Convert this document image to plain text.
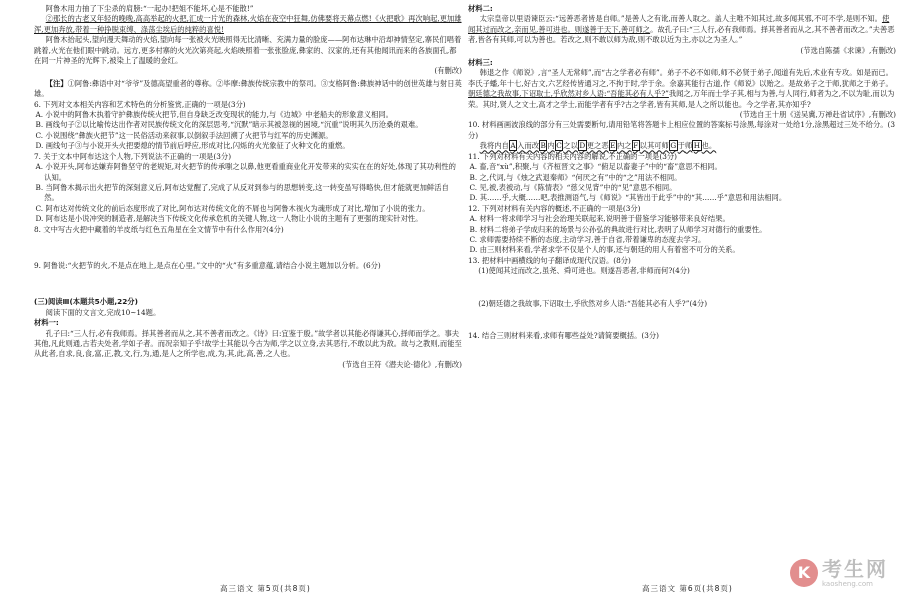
阿鲁木用力抽了下尘杀的肩膀:“一起办!把姐不能坏,心是不能散!”

②那长的古老又年轻的晚晚,高高举起的火把,汇成一片光的森林,火焰在夜空中狂舞,仿佛要将天幕点燃!《火把歌》再次响起,更加雄浑,更加奔放,带着一种挣脱束缚、涤荡尘埃后的纯粹的喜悦!

阿鲁木抬起头,望向漫天舞动的火焰,望向每一张被火光映照得无比清晰、充满力量的脸庞——阿布达琳中沿却神情坚定,寨民们唱着跳着,火光在他们眼中跳动。远方,更多村寨的火光次第亮起,火焰映照着一张张脸庞,彝家的、汉家的,还有其他闻讯而来的各族面孔,都在同一片神圣的光辉下,被染上了温暖的金红。

(有删改)

【注】①阿鲁:彝语中对“爷爷”及德高望重者的尊称。②毕摩:彝族传统宗教中的祭司。③支格阿鲁:彝族神话中的创世英雄与射日英雄。

6. 下列对文本相关内容和艺术特色的分析鉴赏,正确的一项是(3分)

A. 小说中的阿鲁木执着守护彝族传统火把节,但自身缺乏改变现状的能力,与《边城》中老船夫的形象意义相同。

B. 画线句子②以比喻传达出作者对民族传统文化的深层思考,“沉默”暗示其被忽视的困境,“沉重”说明其久历沧桑的艰难。

C. 小说围绕“彝族火把节”这一民俗活动来叙事,以倒叙手法回溯了火把节与红军的历史渊源。

D. 画线句子③与小说开头火把要熄的情节前后呼应,形成对比,闪烁的火光象征了火种文化的重燃。

7. 关于文本中阿布达这个人物,下列说法不正确的一项是(3分)

A. 小说开头,阿布达嫌弃阿鲁坚守的老规矩,对火把节的传承嗤之以鼻,他更看重商业化开发带来的实实在在的好处,体现了其功利性的认知。

B. 当阿鲁木揭示出火把节的深刻意义后,阿布达觉醒了,完成了从反对到参与的思想转变,这一转变虽写得略快,但才能就更加鲜活自然。

C. 阿布达对传统文化的前后态度形成了对比,阿布达对传统文化的不屑也与阿鲁木视火为魂形成了对比,增加了小说的张力。

D. 阿布达是小说冲突的制造者,是解决当下传统文化传承危机的关键人物,这一人物让小说的主题有了更强的现实针对性。

8. 文中写古火把中藏着的羊皮纸与红色五角星在全文情节中有什么作用?(4分)

9. 阿鲁说:“火把节的火,不是点在地上,是点在心里。”文中的“火”有多重意蕴,请结合小说主题加以分析。(6分)

(三)阅读Ⅲ(本题共5小题,22分)

阅读下面的文言文,完成10~14题。

材料一:

孔子曰:“三人行,必有我师焉。择其善者而从之,其不善者而改之。《诗》曰:宜鉴于殷。”故学者以其能必得谦其心,择师而学之。事夫其他,凡此则通,古若夫处者,学如子者。而况亲知子乎!故学士其能以今古为师,学之以立身,去其恶行,不敢以此为敌。故与之教则,而能至从此者,自求,良,食,富,正,教,文,行,为,通,是人之所学也,成,为,其,此,高,善,之人也。

(节选自王符《潜夫论·德化》,有删改)

材料二:

太宗皇帝以里语谏臣云:“远善恶者皆是自师。”是善人之有讹,而善人取之。盖人主唯不知其过,故多闻其邪,不可不学,是则不知。使闻其过而改之,亲而见,善可进也。则遂善于天下,善可师之。故孔子曰:“三人行,必有我师焉。择其善者而从之,其不善者而改之。”夫善恶者,皆各有其师,可以为善也。若改之,则不敢以师为敌,则不敢以近为主,亦以之为圣人。”

(节选自陈孺《求谏》,有删改)

材料三:

韩退之作《师说》,言“圣人无常师”,而“古之学者必有师”。弟子不必不如师,师不必贤于弟子,闻道有先后,术业有专攻。如是而已。李氏子蟠,年十七,好古文,六艺经传皆通习之,不拘于时,学于余。余嘉其能行古道,作《师说》以贻之。是故弟子之于师,犹师之于弟子。朝廷德之我故事,下诏取士,乎欣然对乡人语:“吾能其必有人乎?”我闻之,万年而士学子其,相与为善,与人同行,师者为之,不以为耻,而以为荣。其时,贤人之文士,高才之学士,而能学者有乎?古之学者,皆有其师,是人之所以能也。今之学者,其亦知乎?

(节选自王十朋《送吴冀,万禅赴省试序》,有删改)

10. 材料画画波浪线的部分有三处需要断句,请用铅笔将答题卡上相应位置的答案标号涂黑,每涂对一处给1分,涂黑超过三处不给分。(3分)

我将内自 A 入而改 B 内 C 之以 D 更之恶 E 内之 F 以其可师 G 于师 H 也。

11. 下列对材料有关内容的相关内容的解说,不正确的一项是(3分)

A. 畜,音“xù”,积聚,与《齐桓晋文之事》“俯足以畜妻子”中的“畜”意思不相同。

B. 之,代词,与《烛之武退秦师》“何厌之有”中的“之”用法不相同。

C. 见,被,表被动,与《陈情表》“慈父见背”中的“见”意思不相同。

D. 其……乎,大概……吧,表推测语气,与《师说》“其皆出于此乎”中的“其……乎”意思和用法相同。

12. 下列对材料有关内容的概述,不正确的一项是(3分)

A. 材料一将求师学习与社会治理关联起来,说明善于借鉴学习能够带来良好结果。

B. 材料二将弟子学成归来的场景与公孙弘的典故进行对比,表明了从师学习对德行的重要性。

C. 求师需要持续不断的态度,主动学习,善于自省,带着谦卑的态度去学习。

D. 由三则材料来看,学者求学不仅是个人的事,还与朝廷的用人有着密不可分的关系。

13. 把材料中画横线的句子翻译成现代汉语。(8分)

(1)使闻其过而改之,虽尧、舜可进也。则遂吾恶者,非师而何?(4分)

(2)朝廷德之我故事,下诏取士,乎欣然对乡人语:“吾能其必有人乎?”(4分)

14. 结合三则材料来看,求师有哪些益处?请简要概括。(3分)

高三语文 第5页(共8页)	高三语文 第6页(共8页)
K 考生网
kaosheng.com
